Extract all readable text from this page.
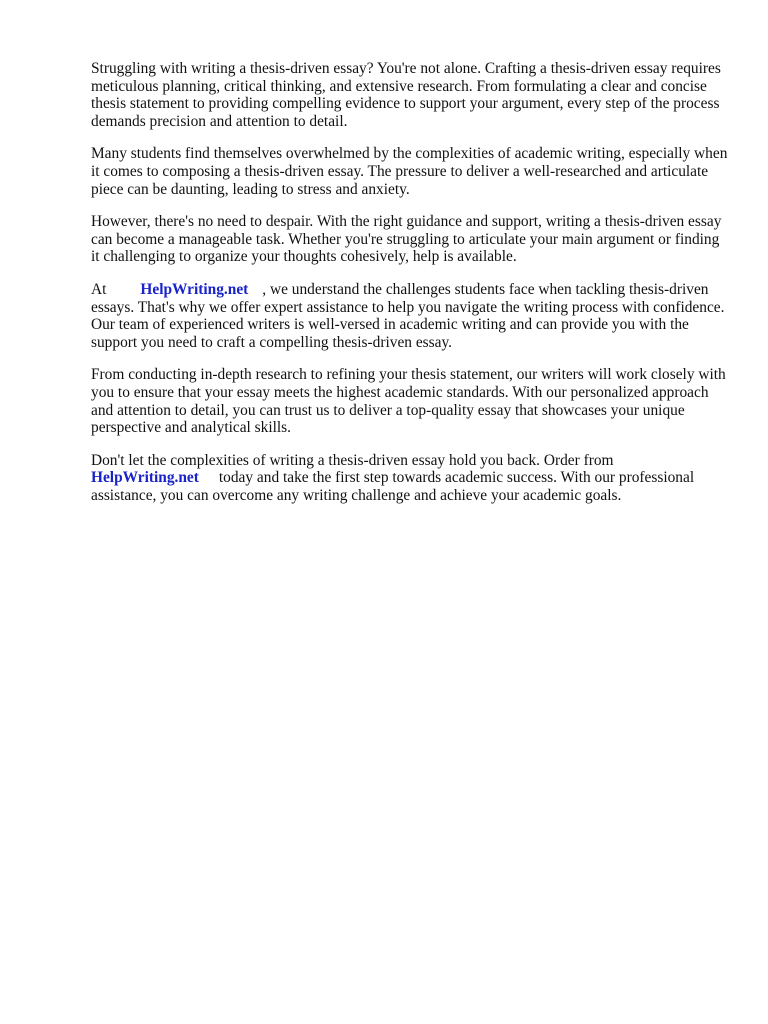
Struggling with writing a thesis-driven essay? You're not alone. Crafting a thesis-driven essay requires meticulous planning, critical thinking, and extensive research. From formulating a clear and concise thesis statement to providing compelling evidence to support your argument, every step of the process demands precision and attention to detail.

Many students find themselves overwhelmed by the complexities of academic writing, especially when it comes to composing a thesis-driven essay. The pressure to deliver a well-researched and articulate piece can be daunting, leading to stress and anxiety.

However, there's no need to despair. With the right guidance and support, writing a thesis-driven essay can become a manageable task. Whether you're struggling to articulate your main argument or finding it challenging to organize your thoughts cohesively, help is available.

At HelpWriting.net , we understand the challenges students face when tackling thesis-driven essays. That's why we offer expert assistance to help you navigate the writing process with confidence. Our team of experienced writers is well-versed in academic writing and can provide you with the support you need to craft a compelling thesis-driven essay.

From conducting in-depth research to refining your thesis statement, our writers will work closely with you to ensure that your essay meets the highest academic standards. With our personalized approach and attention to detail, you can trust us to deliver a top-quality essay that showcases your unique perspective and analytical skills.

Don't let the complexities of writing a thesis-driven essay hold you back. Order from
HelpWriting.net today and take the first step towards academic success. With our professional assistance, you can overcome any writing challenge and achieve your academic goals.
